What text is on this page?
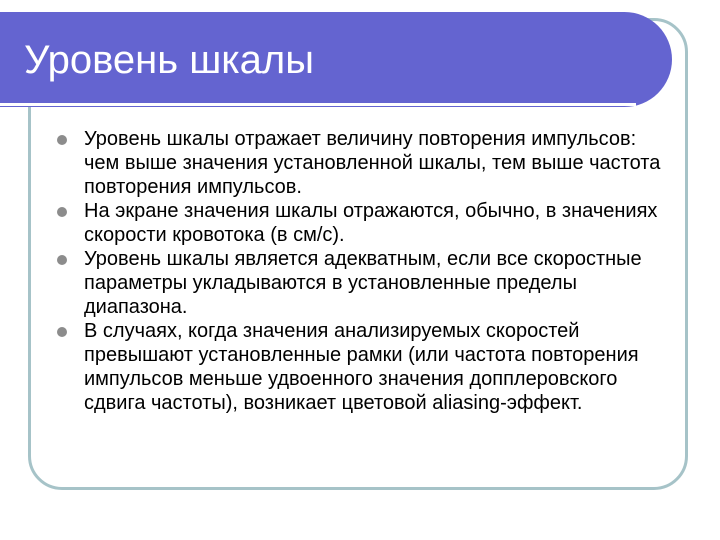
Уровень шкалы
Уровень шкалы отражает величину повторения импульсов: чем выше значения установленной шкалы, тем выше частота повторения импульсов.
На экране значения шкалы отражаются, обычно, в значениях скорости кровотока (в см/с).
Уровень шкалы является адекватным, если все скоростные параметры укладываются в установленные пределы диапазона.
В случаях, когда значения анализируемых скоростей превышают установленные рамки (или частота повторения импульсов меньше удвоенного значения допплеровского сдвига частоты), возникает цветовой aliasing-эффект.
